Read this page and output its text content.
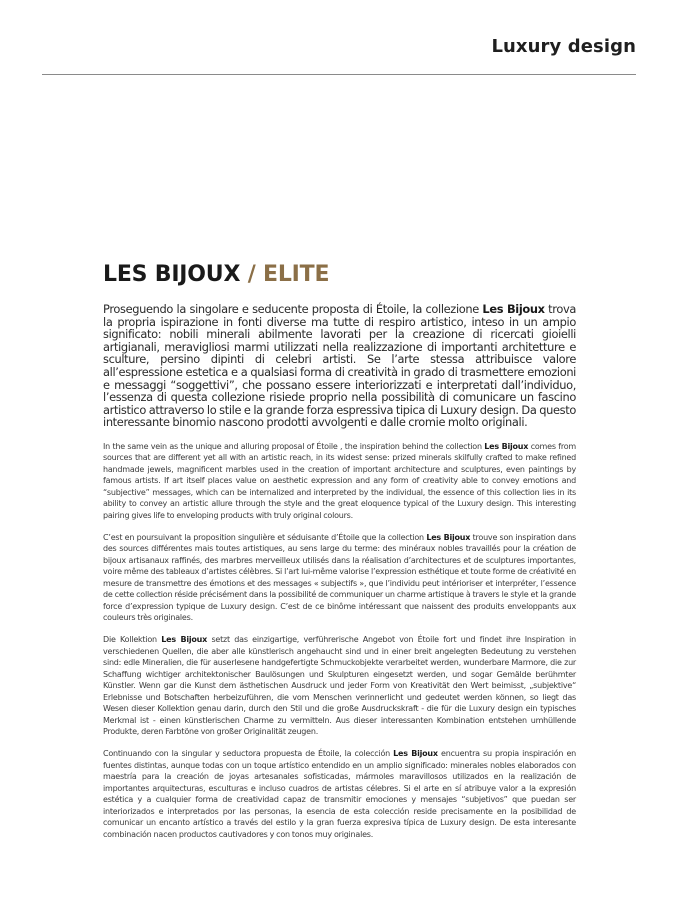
Luxury design
LES BIJOUX / ELITE

Proseguendo la singolare e seducente proposta di Étoile, la collezione Les Bijoux trova la propria ispirazione in fonti diverse ma tutte di respiro artistico, inteso in un ampio significato: nobili minerali abilmente lavorati per la creazione di ricercati gioielli artigianali, meravigliosi marmi utilizzati nella realizzazione di importanti architetture e sculture, persino dipinti di celebri artisti. Se l’arte stessa attribuisce valore all’espressione estetica e a qualsiasi forma di creatività in grado di trasmettere emozioni e messaggi “soggettivi”, che possano essere interiorizzati e interpretati dall’individuo, l’essenza di questa collezione risiede proprio nella possibilità di comunicare un fascino artistico attraverso lo stile e la grande forza espressiva tipica di Luxury design. Da questo interessante binomio nascono prodotti avvolgenti e dalle cromie molto originali.

In the same vein as the unique and alluring proposal of Étoile , the inspiration behind the collection Les Bijoux comes from sources that are different yet all with an artistic reach, in its widest sense: prized minerals skilfully crafted to make refined handmade jewels, magnificent marbles used in the creation of important architecture and sculptures, even paintings by famous artists. If art itself places value on aesthetic expression and any form of creativity able to convey emotions and “subjective” messages, which can be internalized and interpreted by the individual, the essence of this collection lies in its ability to convey an artistic allure through the style and the great eloquence typical of the Luxury design. This interesting pairing gives life to enveloping products with truly original colours.

C’est en poursuivant la proposition singulière et séduisante d’Étoile que la collection Les Bijoux trouve son inspiration dans des sources différentes mais toutes artistiques, au sens large du terme: des minéraux nobles travaillés pour la création de bijoux artisanaux raffinés, des marbres merveilleux utilisés dans la réalisation d’architectures et de sculptures importantes, voire même des tableaux d’artistes célèbres. Si l’art lui-même valorise l’expression esthétique et toute forme de créativité en mesure de transmettre des émotions et des messages « subjectifs », que l’individu peut intérioriser et interpréter, l’essence de cette collection réside précisément dans la possibilité de communiquer un charme artistique à travers le style et la grande force d’expression typique de Luxury design. C’est de ce binôme intéressant que naissent des produits enveloppants aux couleurs très originales.

Die Kollektion Les Bijoux setzt das einzigartige, verführerische Angebot von Étoile fort und findet ihre Inspiration in verschiedenen Quellen, die aber alle künstlerisch angehaucht sind und in einer breit angelegten Bedeutung zu verstehen sind: edle Mineralien, die für auserlesene handgefertigte Schmuckobjekte verarbeitet werden, wunderbare Marmore, die zur Schaffung wichtiger architektonischer Baulösungen und Skulpturen eingesetzt werden, und sogar Gemälde berühmter Künstler. Wenn gar die Kunst dem ästhetischen Ausdruck und jeder Form von Kreativität den Wert beimisst, „subjektive“ Erlebnisse und Botschaften herbeizuführen, die vom Menschen verinnerlicht und gedeutet werden können, so liegt das Wesen dieser Kollektion genau darin, durch den Stil und die große Ausdruckskraft - die für die Luxury design ein typisches Merkmal ist - einen künstlerischen Charme zu vermitteln. Aus dieser interessanten Kombination entstehen umhüllende Produkte, deren Farbtöne von großer Originalität zeugen.

Continuando con la singular y seductora propuesta de Étoile, la colección Les Bijoux encuentra su propia inspiración en fuentes distintas, aunque todas con un toque artístico entendido en un amplio significado: minerales nobles elaborados con maestría para la creación de joyas artesanales sofisticadas, mármoles maravillosos utilizados en la realización de importantes arquitecturas, esculturas e incluso cuadros de artistas célebres. Si el arte en sí atribuye valor a la expresión estética y a cualquier forma de creatividad capaz de transmitir emociones y mensajes “subjetivos” que puedan ser interiorizados e interpretados por las personas, la esencia de esta colección reside precisamente en la posibilidad de comunicar un encanto artístico a través del estilo y la gran fuerza expresiva típica de Luxury design. De esta interesante combinación nacen productos cautivadores y con tonos muy originales.
